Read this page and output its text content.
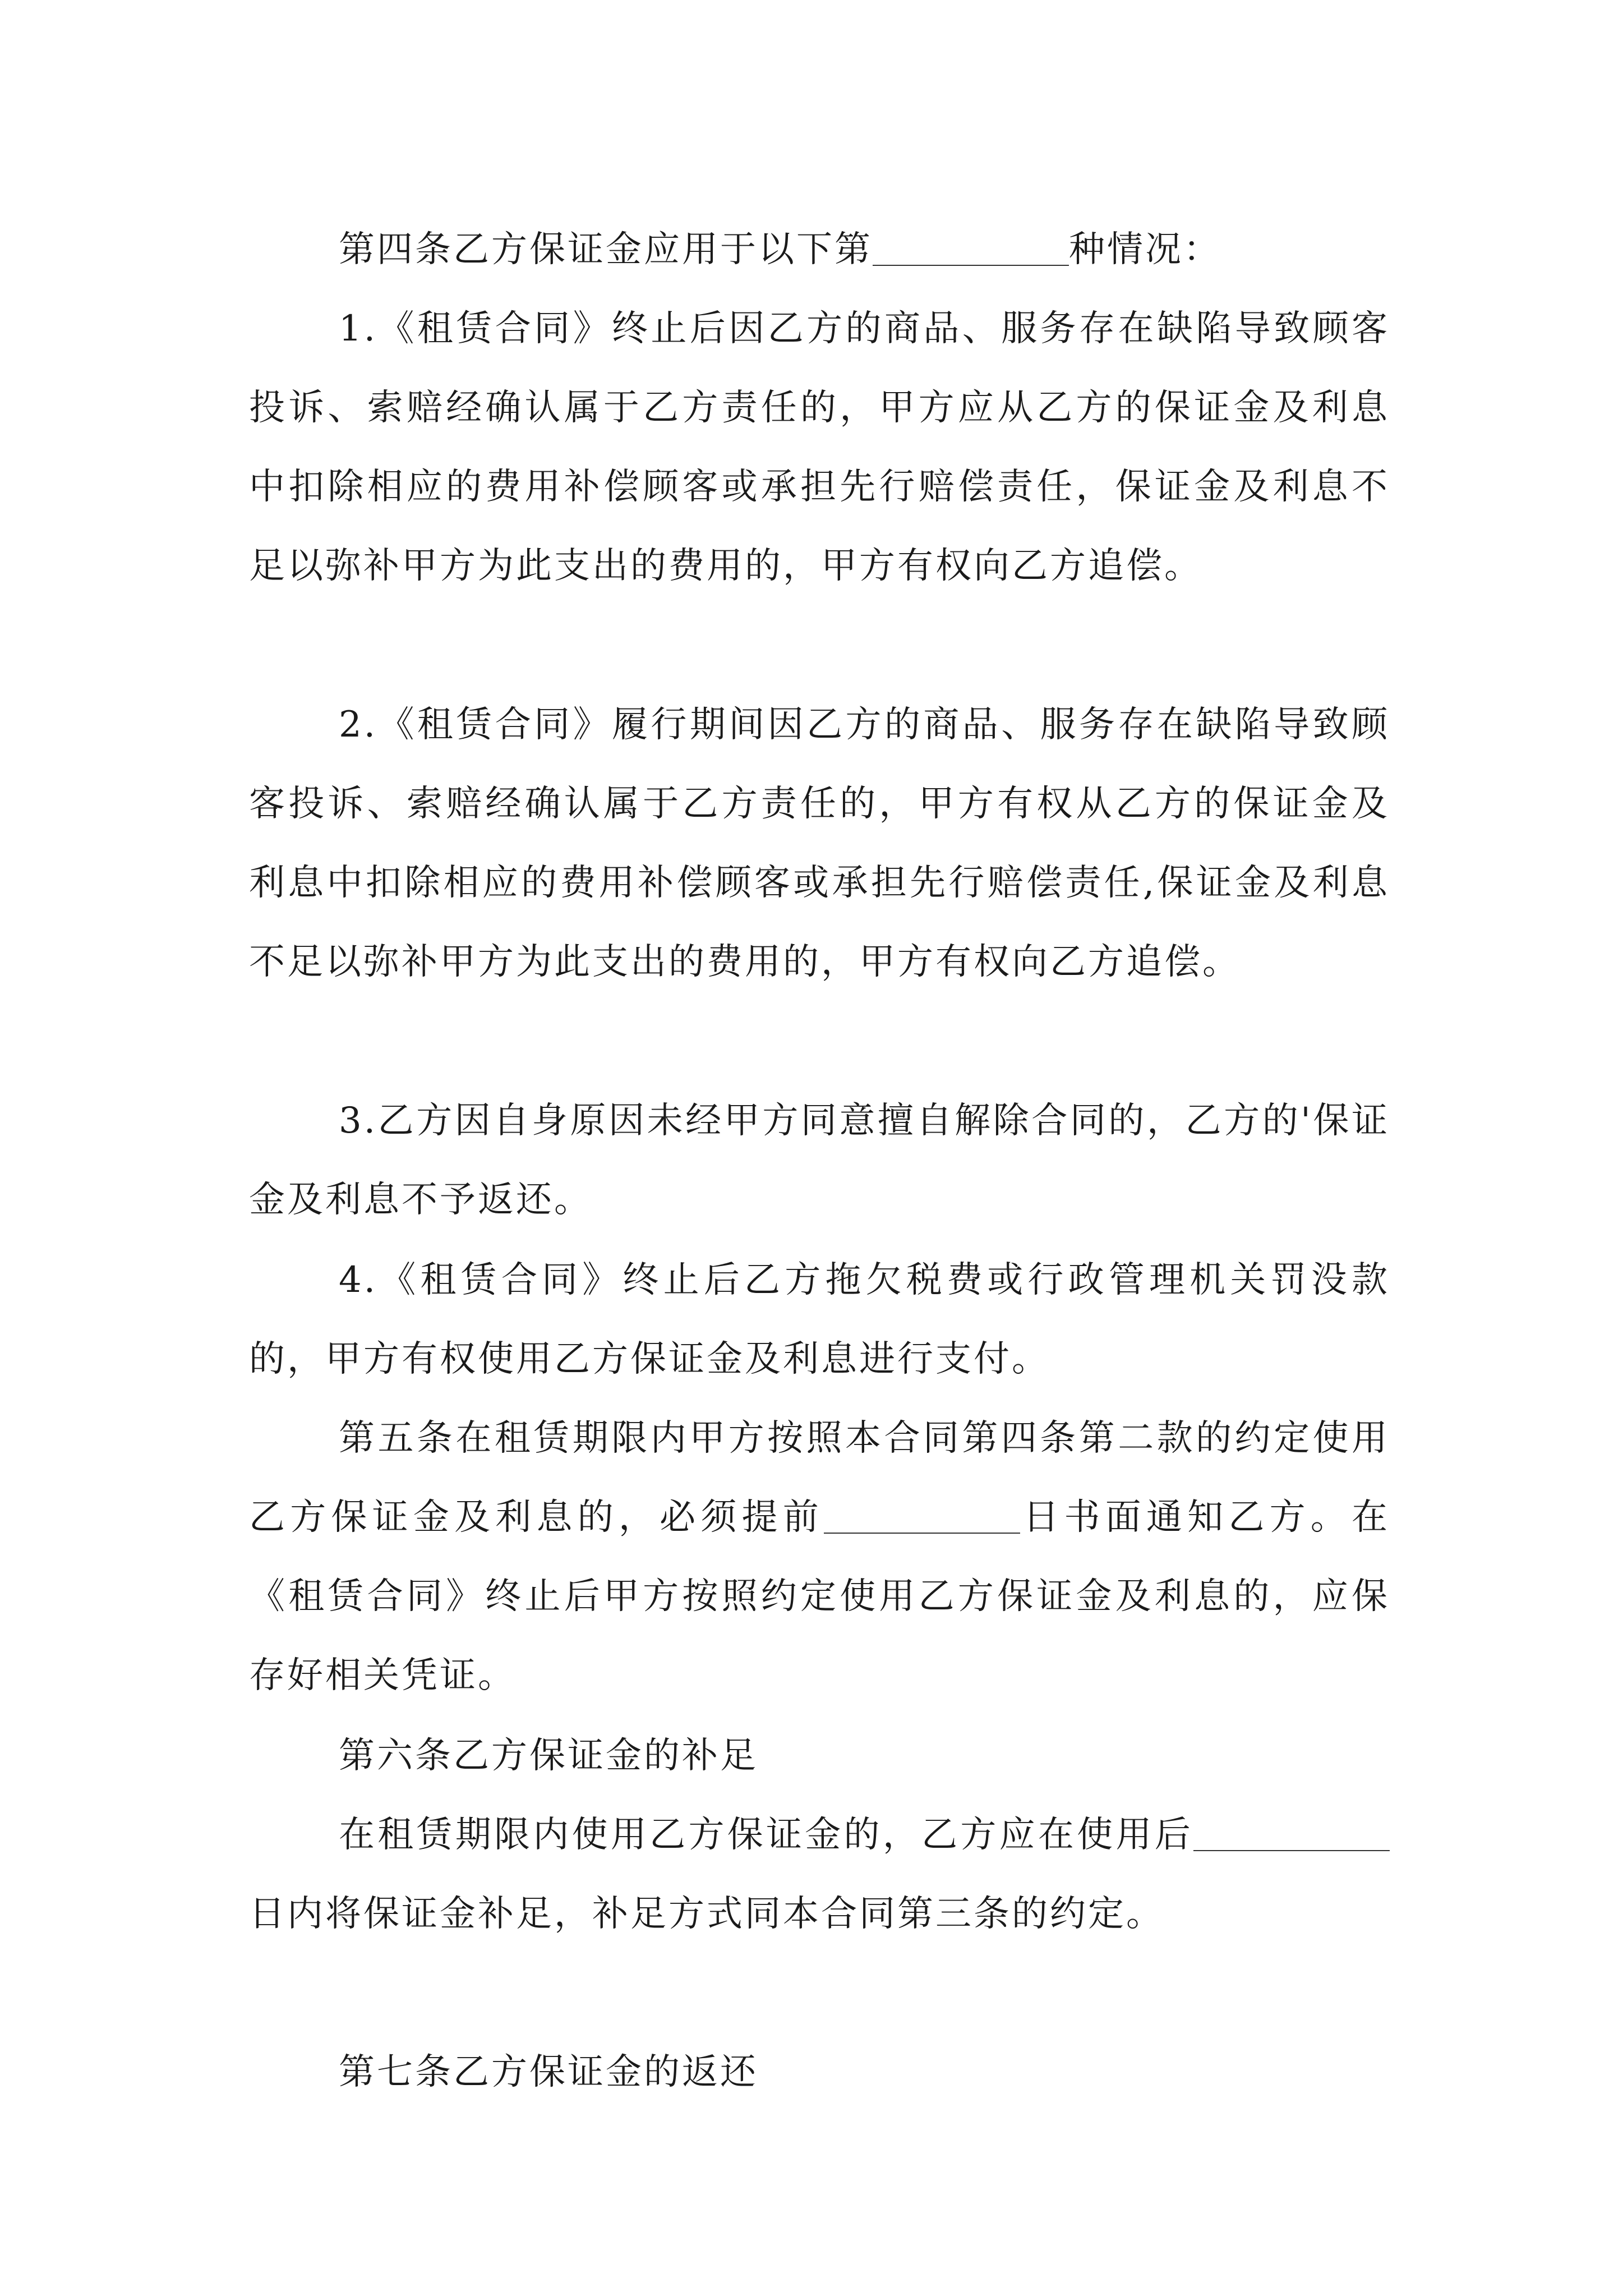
第四条乙方保证金应用于以下第	种情况：

1.《租赁合同》终止后因乙方的商品、服务存在缺陷导致顾客投诉、索赔经确认属于乙方责任的，甲方应从乙方的保证金及利息中扣除相应的费用补偿顾客或承担先行赔偿责任，保证金及利息不足以弥补甲方为此支出的费用的，甲方有权向乙方追偿。

2.《租赁合同》履行期间因乙方的商品、服务存在缺陷导致顾客投诉、索赔经确认属于乙方责任的，甲方有权从乙方的保证金及利息中扣除相应的费用补偿顾客或承担先行赔偿责任,保证金及利息不足以弥补甲方为此支出的费用的，甲方有权向乙方追偿。

3.乙方因自身原因未经甲方同意擅自解除合同的，乙方的'保证金及利息不予返还。

4.《租赁合同》终止后乙方拖欠税费或行政管理机关罚没款的，甲方有权使用乙方保证金及利息进行支付。

第五条在租赁期限内甲方按照本合同第四条第二款的约定使用乙方保证金及利息的，必须提前	日书面通知乙方。在《租赁合同》终止后甲方按照约定使用乙方保证金及利息的，应保存好相关凭证。

第六条乙方保证金的补足

在租赁期限内使用乙方保证金的，乙方应在使用后日内将保证金补足，补足方式同本合同第三条的约定。

第七条乙方保证金的返还
